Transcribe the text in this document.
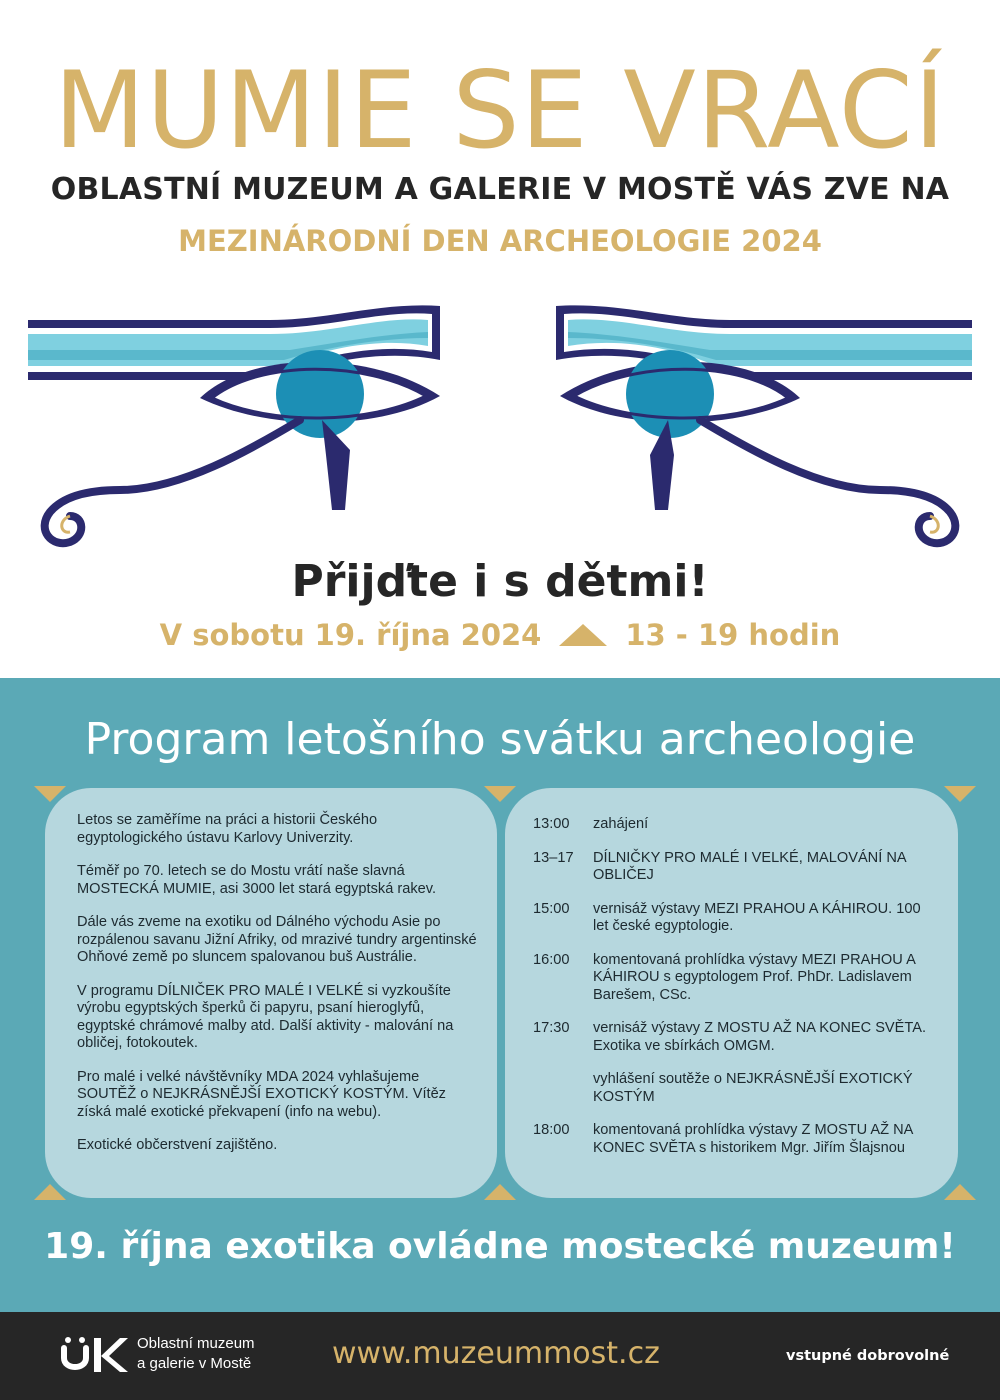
MUMIE SE VRACÍ
OBLASTNÍ MUZEUM A GALERIE V MOSTĚ VÁS ZVE NA
MEZINÁRODNÍ DEN ARCHEOLOGIE 2024
Přijďte i s dětmi!
V sobotu 19. října 2024	13 - 19 hodin
Program letošního svátku archeologie

Letos se zaměříme na práci a historii Českého egyptologického ústavu Karlovy Univerzity.

Téměř po 70. letech se do Mostu vrátí naše slavná MOSTECKÁ MUMIE, asi 3000 let stará egyptská rakev.

Dále vás zveme na exotiku od Dálného východu Asie po rozpálenou savanu Jižní Afriky, od mrazivé tundry argentinské Ohňové země po sluncem spalovanou buš Austrálie.

V programu DÍLNIČEK PRO MALÉ I VELKÉ si vyzkoušíte výrobu egyptských šperků či papyru, psaní hieroglyfů, egyptské chrámové malby atd. Další aktivity - malování na obličej, fotokoutek.

Pro malé i velké návštěvníky MDA 2024 vyhlašujeme SOUTĚŽ o NEJKRÁSNĚJŠÍ EXOTICKÝ KOSTÝM. Vítěz získá malé exotické překvapení (info na webu).

Exotické občerstvení zajištěno.

13:00	zahájení
13–17	DÍLNIČKY PRO MALÉ I VELKÉ, MALOVÁNÍ NA OBLIČEJ
15:00	vernisáž výstavy MEZI PRAHOU A KÁHIROU. 100 let české egyptologie.
16:00	komentovaná prohlídka výstavy MEZI PRAHOU A KÁHIROU s egyptologem Prof. PhDr. Ladislavem Barešem, CSc.
17:30	vernisáž výstavy Z MOSTU AŽ NA KONEC SVĚTA. Exotika ve sbírkách OMGM.
vyhlášení soutěže o NEJKRÁSNĚJŠÍ EXOTICKÝ KOSTÝM
18:00	komentovaná prohlídka výstavy Z MOSTU AŽ NA KONEC SVĚTA s historikem Mgr. Jiřím Šlajsnou
19. října exotika ovládne mostecké muzeum!
Oblastní muzeum
a galerie v Mostě	www.muzeummost.cz	vstupné dobrovolné
